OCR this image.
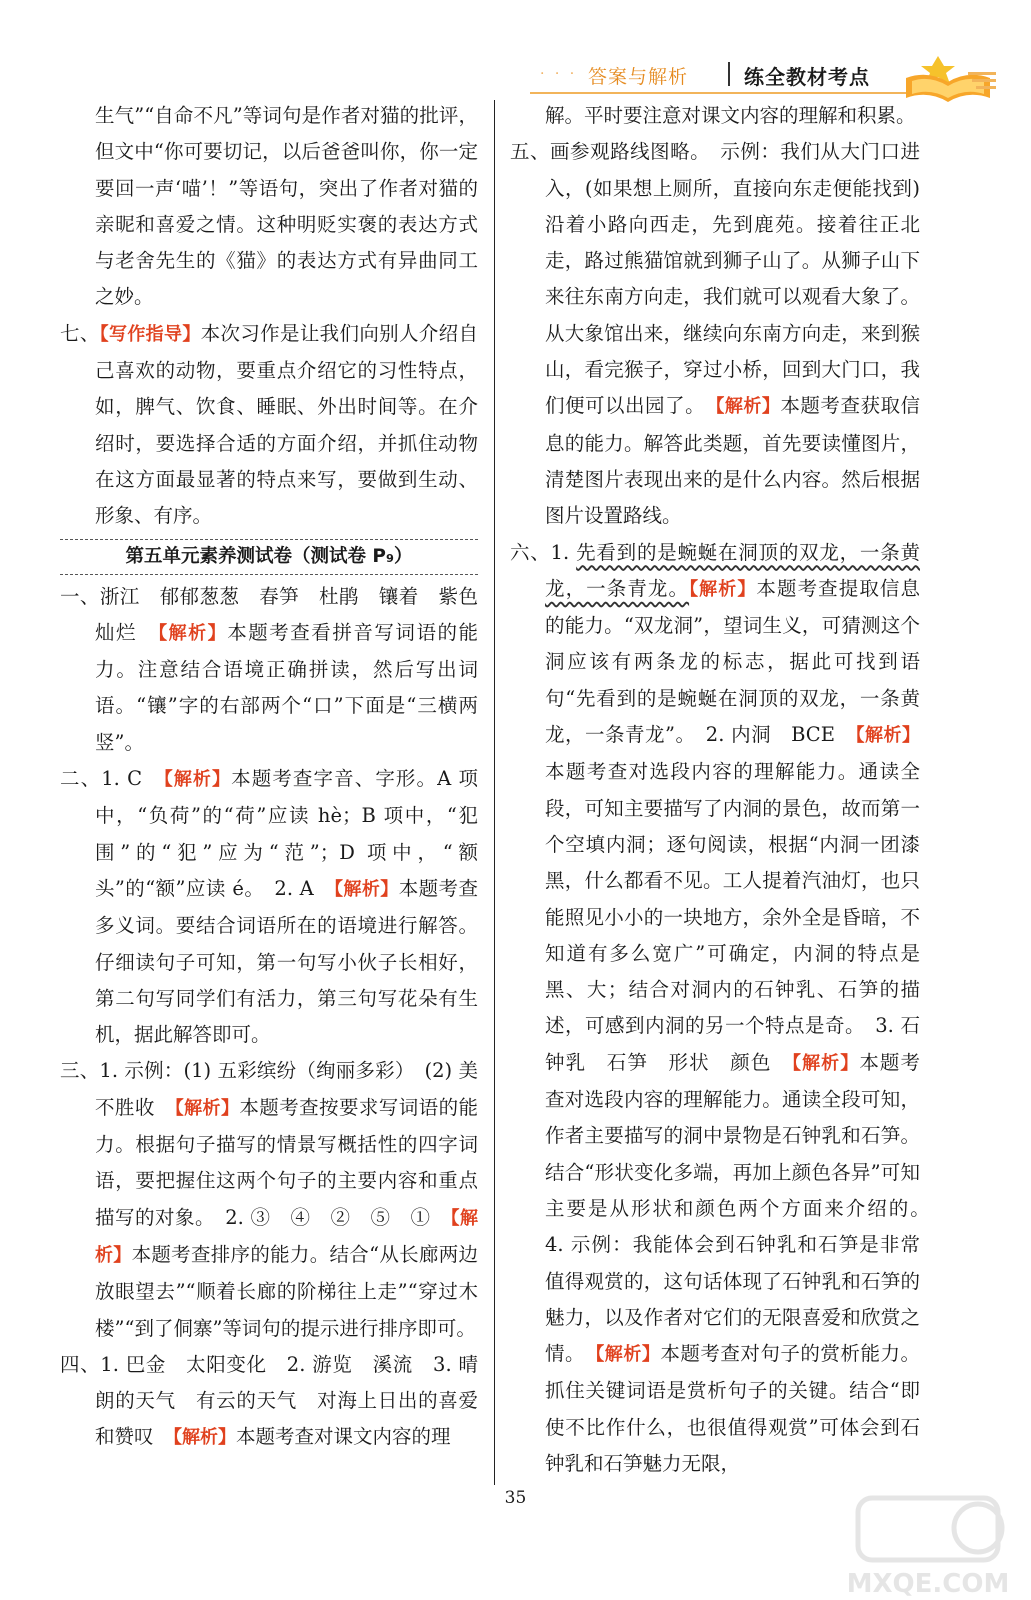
· · · 答案与解析	练全教材考点

生气”“自命不凡”等词句是作者对猫的批评，但文中“你可要切记，以后爸爸叫你，你一定要回一声‘喵’！”等语句，突出了作者对猫的亲昵和喜爱之情。这种明贬实褒的表达方式与老舍先生的《猫》的表达方式有异曲同工之妙。

七、【写作指导】本次习作是让我们向别人介绍自己喜欢的动物，要重点介绍它的习性特点，如，脾气、饮食、睡眠、外出时间等。在介绍时，要选择合适的方面介绍，并抓住动物在这方面最显著的特点来写，要做到生动、形象、有序。

第五单元素养测试卷（测试卷 P₉）

一、浙江　郁郁葱葱　春笋　杜鹃　镶着　紫色　灿烂　【解析】本题考查看拼音写词语的能力。注意结合语境正确拼读，然后写出词语。“镶”字的右部两个“口”下面是“三横两竖”。

二、1. C　【解析】本题考查字音、字形。A 项中，“负荷”的“荷”应读 hè；B 项中，“犯围”的“犯”应为“范”；D 项中，“额头”的“额”应读 é。　2. A　【解析】本题考查多义词。要结合词语所在的语境进行解答。仔细读句子可知，第一句写小伙子长相好，第二句写同学们有活力，第三句写花朵有生机，据此解答即可。

三、1. 示例：(1) 五彩缤纷（绚丽多彩）　(2) 美不胜收　【解析】本题考查按要求写词语的能力。根据句子描写的情景写概括性的四字词语，要把握住这两个句子的主要内容和重点描写的对象。　2. ③　④　②　⑤　①　【解析】本题考查排序的能力。结合“从长廊两边放眼望去”“顺着长廊的阶梯往上走”“穿过木楼”“到了侗寨”等词句的提示进行排序即可。

四、1. 巴金　太阳变化　2. 游览　溪流　3. 晴朗的天气　有云的天气　对海上日出的喜爱和赞叹　【解析】本题考查对课文内容的理

解。平时要注意对课文内容的理解和积累。

五、画参观路线图略。　示例：我们从大门口进入，(如果想上厕所，直接向东走便能找到)沿着小路向西走，先到鹿苑。接着往正北走，路过熊猫馆就到狮子山了。从狮子山下来往东南方向走，我们就可以观看大象了。从大象馆出来，继续向东南方向走，来到猴山，看完猴子，穿过小桥，回到大门口，我们便可以出园了。　【解析】本题考查获取信息的能力。解答此类题，首先要读懂图片，清楚图片表现出来的是什么内容。然后根据图片设置路线。

六、1. 先看到的是蜿蜒在洞顶的双龙，一条黄龙，一条青龙。【解析】本题考查提取信息的能力。“双龙洞”，望词生义，可猜测这个洞应该有两条龙的标志，据此可找到语句“先看到的是蜿蜒在洞顶的双龙，一条黄龙，一条青龙”。　2. 内洞　BCE　【解析】本题考查对选段内容的理解能力。通读全段，可知主要描写了内洞的景色，故而第一个空填内洞；逐句阅读，根据“内洞一团漆黑，什么都看不见。工人提着汽油灯，也只能照见小小的一块地方，余外全是昏暗，不知道有多么宽广”可确定，内洞的特点是黑、大；结合对洞内的石钟乳、石笋的描述，可感到内洞的另一个特点是奇。　3. 石钟乳　石笋　形状　颜色　【解析】本题考查对选段内容的理解能力。通读全段可知，作者主要描写的洞中景物是石钟乳和石笋。结合“形状变化多端，再加上颜色各异”可知主要是从形状和颜色两个方面来介绍的。　4. 示例：我能体会到石钟乳和石笋是非常值得观赏的，这句话体现了石钟乳和石笋的魅力，以及作者对它们的无限喜爱和欣赏之情。　【解析】本题考查对句子的赏析能力。抓住关键词语是赏析句子的关键。结合“即使不比作什么，也很值得观赏”可体会到石钟乳和石笋魅力无限，

35
MXQE.COM
